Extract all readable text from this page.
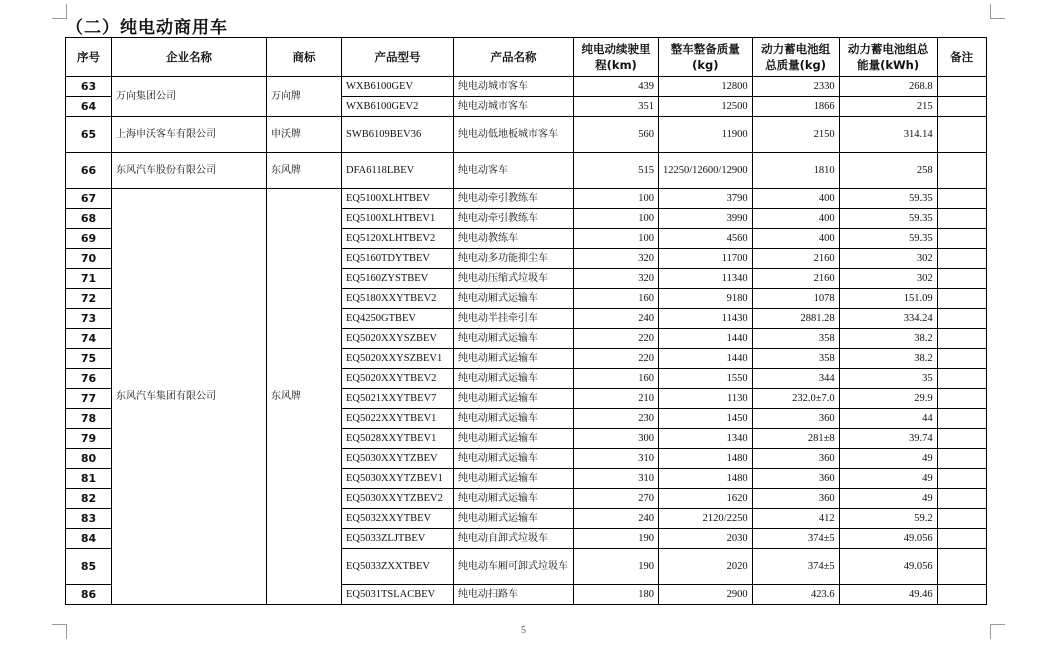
（二）纯电动商用车
序号	企业名称	商标	产品型号	产品名称	纯电动续驶里程(km)	整车整备质量(kg)	动力蓄电池组总质量(kg)	动力蓄电池组总能量(kWh)	备注
63	万向集团公司	万向牌	WXB6100GEV	纯电动城市客车	439	12800	2330	268.8	
64			WXB6100GEV2	纯电动城市客车	351	12500	1866	215	
65	上海申沃客车有限公司	申沃牌	SWB6109BEV36	纯电动低地板城市客车	560	11900	2150	314.14	
66	东风汽车股份有限公司	东风牌	DFA6118LBEV	纯电动客车	515	12250/12600/12900	1810	258	
67	东风汽车集团有限公司	东风牌	EQ5100XLHTBEV	纯电动牵引教练车	100	3790	400	59.35	
68			EQ5100XLHTBEV1	纯电动牵引教练车	100	3990	400	59.35	
69			EQ5120XLHTBEV2	纯电动教练车	100	4560	400	59.35	
70			EQ5160TDYTBEV	纯电动多功能抑尘车	320	11700	2160	302	
71			EQ5160ZYSTBEV	纯电动压缩式垃圾车	320	11340	2160	302	
72			EQ5180XXYTBEV2	纯电动厢式运输车	160	9180	1078	151.09	
73			EQ4250GTBEV	纯电动半挂牵引车	240	11430	2881.28	334.24	
74			EQ5020XXYSZBEV	纯电动厢式运输车	220	1440	358	38.2	
75			EQ5020XXYSZBEV1	纯电动厢式运输车	220	1440	358	38.2	
76			EQ5020XXYTBEV2	纯电动厢式运输车	160	1550	344	35	
77			EQ5021XXYTBEV7	纯电动厢式运输车	210	1130	232.0±7.0	29.9	
78			EQ5022XXYTBEV1	纯电动厢式运输车	230	1450	360	44	
79			EQ5028XXYTBEV1	纯电动厢式运输车	300	1340	281±8	39.74	
80			EQ5030XXYTZBEV	纯电动厢式运输车	310	1480	360	49	
81			EQ5030XXYTZBEV1	纯电动厢式运输车	310	1480	360	49	
82			EQ5030XXYTZBEV2	纯电动厢式运输车	270	1620	360	49	
83			EQ5032XXYTBEV	纯电动厢式运输车	240	2120/2250	412	59.2	
84			EQ5033ZLJTBEV	纯电动自卸式垃圾车	190	2030	374±5	49.056	
85			EQ5033ZXXTBEV	纯电动车厢可卸式垃圾车	190	2020	374±5	49.056	
86			EQ5031TSLACBEV	纯电动扫路车	180	2900	423.6	49.46	
5
